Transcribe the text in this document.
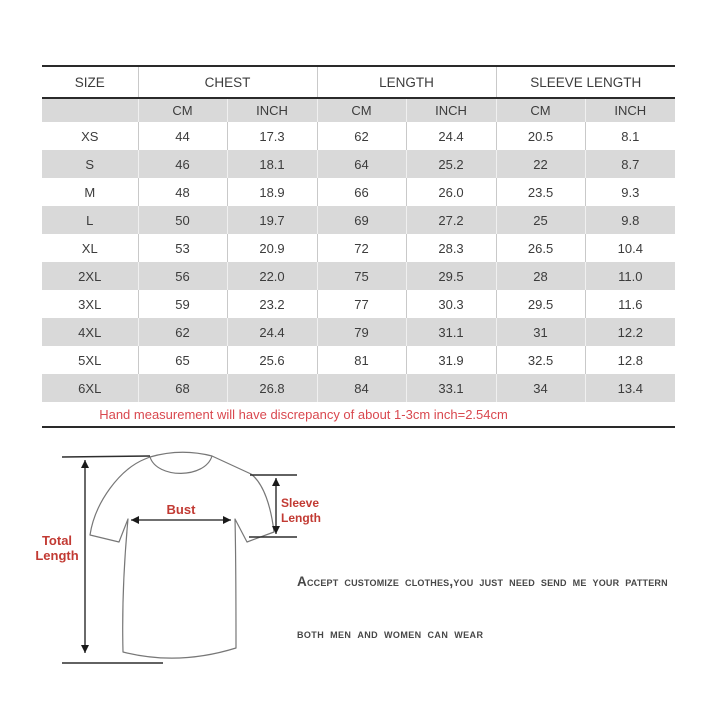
SIZE	CHEST		LENGTH		SLEEVE LENGTH	
	CM	INCH	CM	INCH	CM	INCH
XS	44	17.3	62	24.4	20.5	8.1
S	46	18.1	64	25.2	22	8.7
M	48	18.9	66	26.0	23.5	9.3
L	50	19.7	69	27.2	25	9.8
XL	53	20.9	72	28.3	26.5	10.4
2XL	56	22.0	75	29.5	28	11.0
3XL	59	23.2	77	30.3	29.5	11.6
4XL	62	24.4	79	31.1	31	12.2
5XL	65	25.6	81	31.9	32.5	12.8
6XL	68	26.8	84	33.1	34	13.4
Hand measurement will have discrepancy of about 1-3cm inch=2.54cm						
Total
Length
Bust	Sleeve
Length
Accept customize clothes,you just need send me your pattern
both men and women can wear
